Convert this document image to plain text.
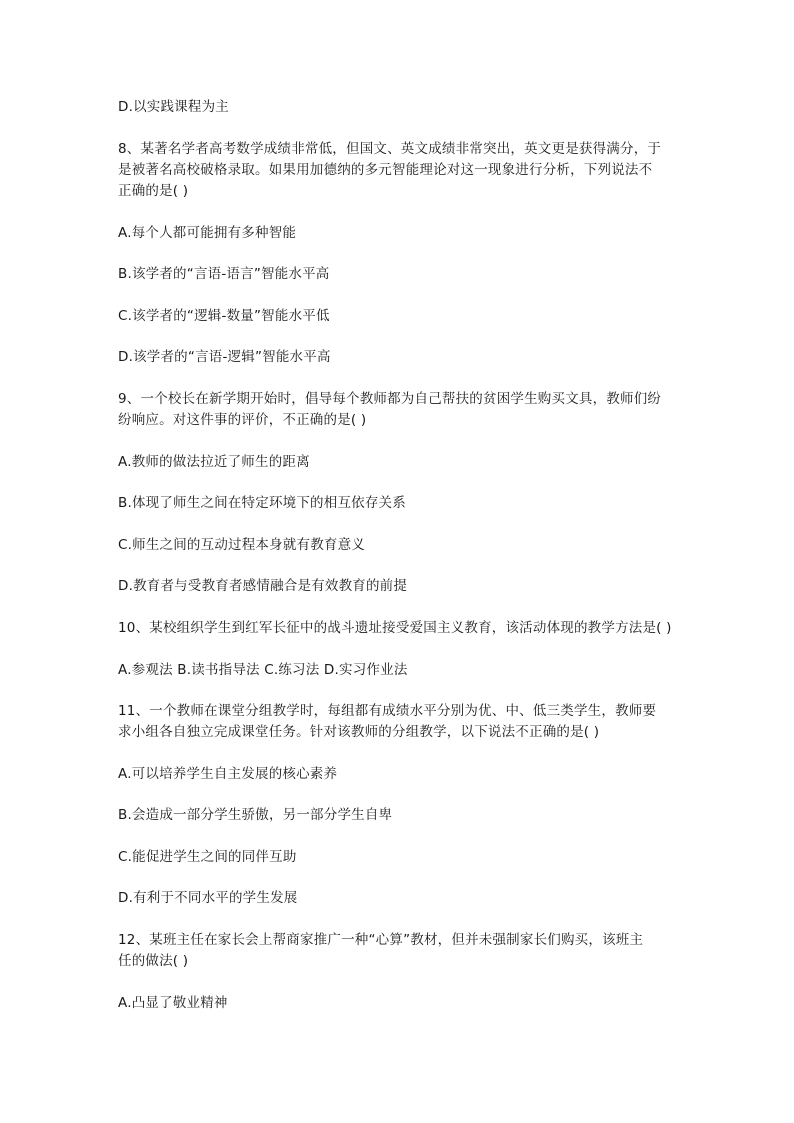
D.以实践课程为主
8、某著名学者高考数学成绩非常低，但国文、英文成绩非常突出，英文更是获得满分，于
是被著名高校破格录取。如果用加德纳的多元智能理论对这一现象进行分析，下列说法不
正确的是( )
A.每个人都可能拥有多种智能
B.该学者的“言语-语言”智能水平高
C.该学者的“逻辑-数量”智能水平低
D.该学者的“言语-逻辑”智能水平高
9、一个校长在新学期开始时，倡导每个教师都为自己帮扶的贫困学生购买文具，教师们纷
纷响应。对这件事的评价，不正确的是( )
A.教师的做法拉近了师生的距离
B.体现了师生之间在特定环境下的相互依存关系
C.师生之间的互动过程本身就有教育意义
D.教育者与受教育者感情融合是有效教育的前提
10、某校组织学生到红军长征中的战斗遗址接受爱国主义教育，该活动体现的教学方法是( )
A.参观法 B.读书指导法 C.练习法 D.实习作业法
11、一个教师在课堂分组教学时，每组都有成绩水平分别为优、中、低三类学生，教师要
求小组各自独立完成课堂任务。针对该教师的分组教学，以下说法不正确的是( )
A.可以培养学生自主发展的核心素养
B.会造成一部分学生骄傲，另一部分学生自卑
C.能促进学生之间的同伴互助
D.有利于不同水平的学生发展
12、某班主任在家长会上帮商家推广一种“心算”教材，但并未强制家长们购买，该班主
任的做法( )
A.凸显了敬业精神
